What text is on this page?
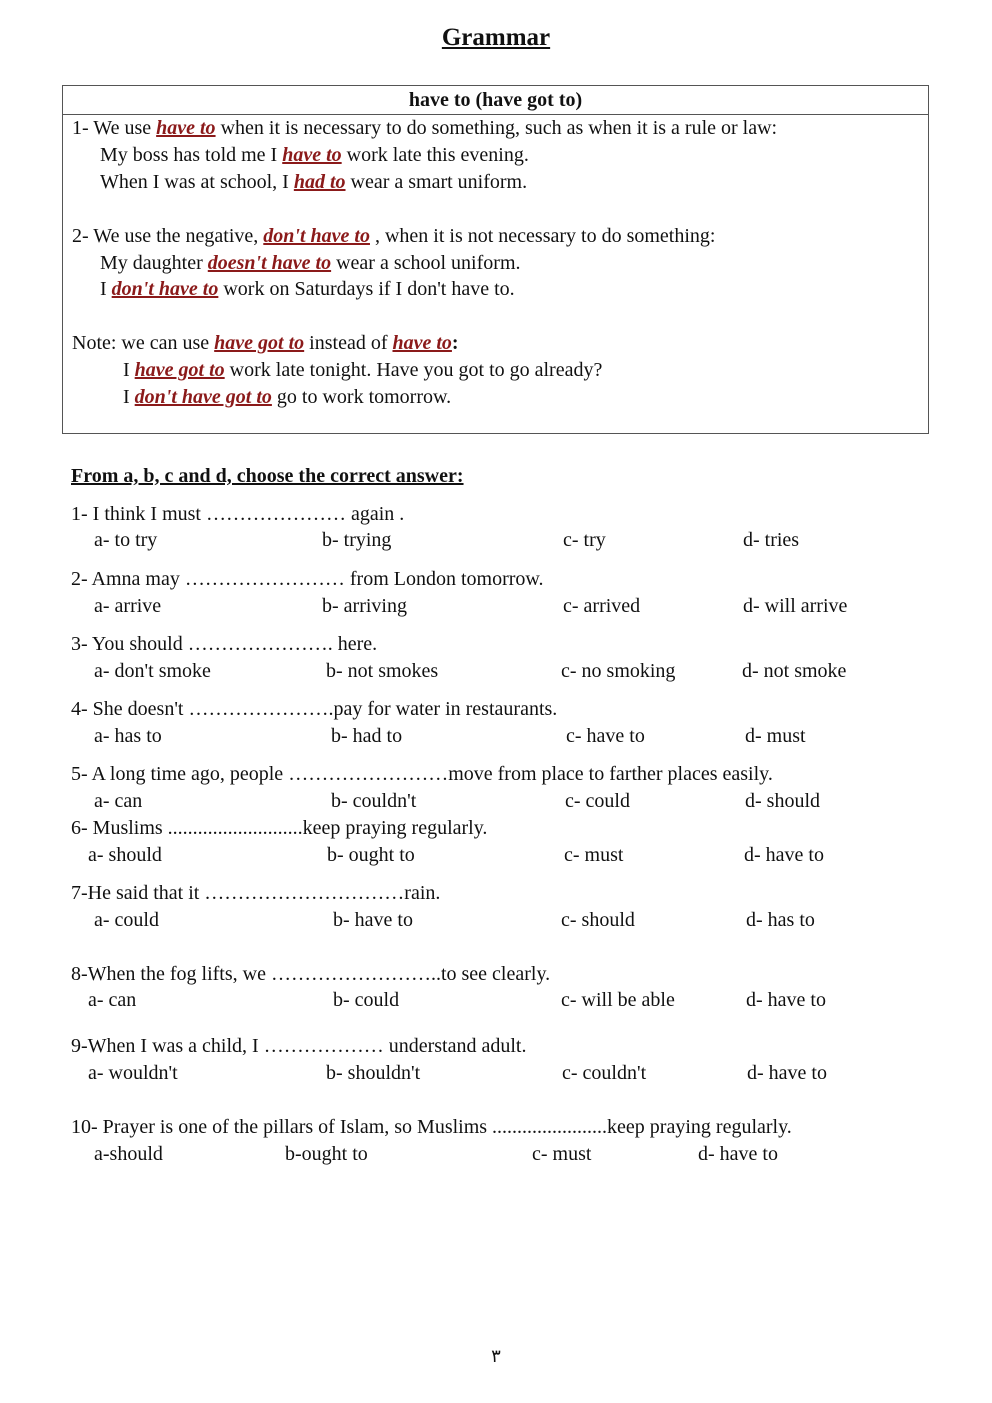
Grammar
have to (have got to)
1- We use have to when it is necessary to do something, such as when it is a rule or law:
My boss has told me I have to work late this evening.
When I was at school, I had to wear a smart uniform.
2- We use the negative, don't have to , when it is not necessary to do something:
My daughter doesn't have to wear a school uniform.
I don't have to work on Saturdays if I don't have to.
Note: we can use have got to instead of have to:
I have got to work late tonight. Have you got to go already?
I don't have got to go to work tomorrow.
From a, b, c and d, choose the correct answer:
1- I think I must ………………… again .
a- to try	b- trying	c- try	d- tries
2- Amna may …………………… from London tomorrow.
a- arrive	b- arriving	c- arrived	d- will arrive
3- You should …………………. here.
a- don't smoke	b- not smokes	c- no smoking	d- not smoke
4- She doesn't ………………….pay for water in restaurants.
a- has to	b- had to	c- have to	d- must
5- A long time ago, people ……………………move from place to farther places easily.
a- can	b- couldn't	c- could	d- should
6- Muslims ...........................keep praying regularly.
a- should	b- ought to	c- must	d- have to
7-He said that it …………………………rain.
a- could	b- have to	c- should	d- has to
8-When the fog lifts, we ……………………..to see clearly.
a- can	b- could	c- will be able	d- have to
9-When I was a child, I ……………… understand adult.
a- wouldn't	b- shouldn't	c- couldn't	d- have to
10- Prayer is one of the pillars of Islam, so Muslims .......................keep praying regularly.
a-should	b-ought to	c- must	d- have to
٣
